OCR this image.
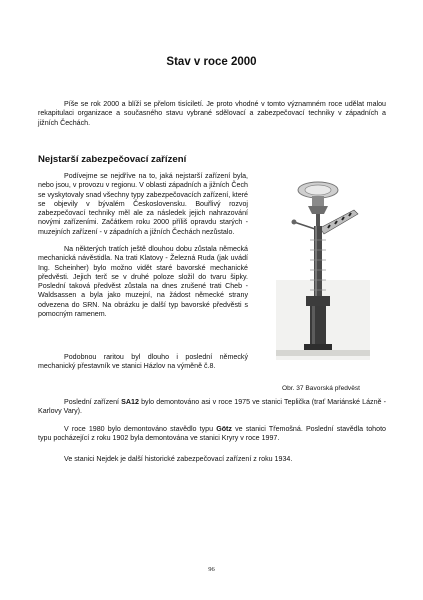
Stav v roce 2000

Píše se rok 2000 a blíží se přelom tisíciletí. Je proto vhodné v tomto významném roce udělat malou rekapitulaci organizace a současného stavu vybrané sdělovací a zabezpečovací techniky v západních a jižních Čechách.

Nejstarší zabezpečovací zařízení

Podívejme se nejdříve na to, jaká nejstarší zařízení byla, nebo jsou, v provozu v regionu. V oblasti západních a jižních Čech se vyskytovaly snad všechny typy zabezpečovacích zařízení, které se objevily v bývalém Československu. Bouřlivý rozvoj zabezpečovací techniky měl ale za následek jejich nahrazování novými zařízeními. Začátkem roku 2000 příliš opravdu starých - muzejních zařízení - v západních a jižních Čechách nezůstalo.

Na některých tratích ještě dlouhou dobu zůstala německá mechanická návěstidla. Na trati Klatovy - Železná Ruda (jak uvádí Ing. Scheinher) bylo možno vidět staré bavorské mechanické předvěsti. Jejich terč se v druhé poloze složil do tvaru šipky. Poslední taková předvěst zůstala na dnes zrušené trati Cheb - Waldsassen a byla jako muzejní, na žádost německé strany odvezena do SRN. Na obrázku je další typ bavorské předvěsti s pomocným ramenem.

Podobnou raritou byl dlouho i poslední německý mechanický přestavník ve stanici Házlov na výměně č.8.

Obr. 37 Bavorská předvěst

Poslední zařízení SA12 bylo demontováno asi v roce 1975 ve stanici Teplička (trať Mariánské Lázně - Karlovy Vary).

V roce 1980 bylo demontováno stavědlo typu Götz ve stanici Třemošná. Poslední stavědla tohoto typu pocházející z roku 1902 byla demontována ve stanici Kryry v roce 1997.

Ve stanici Nejdek je další historické zabezpečovací zařízení z roku 1934.

96
